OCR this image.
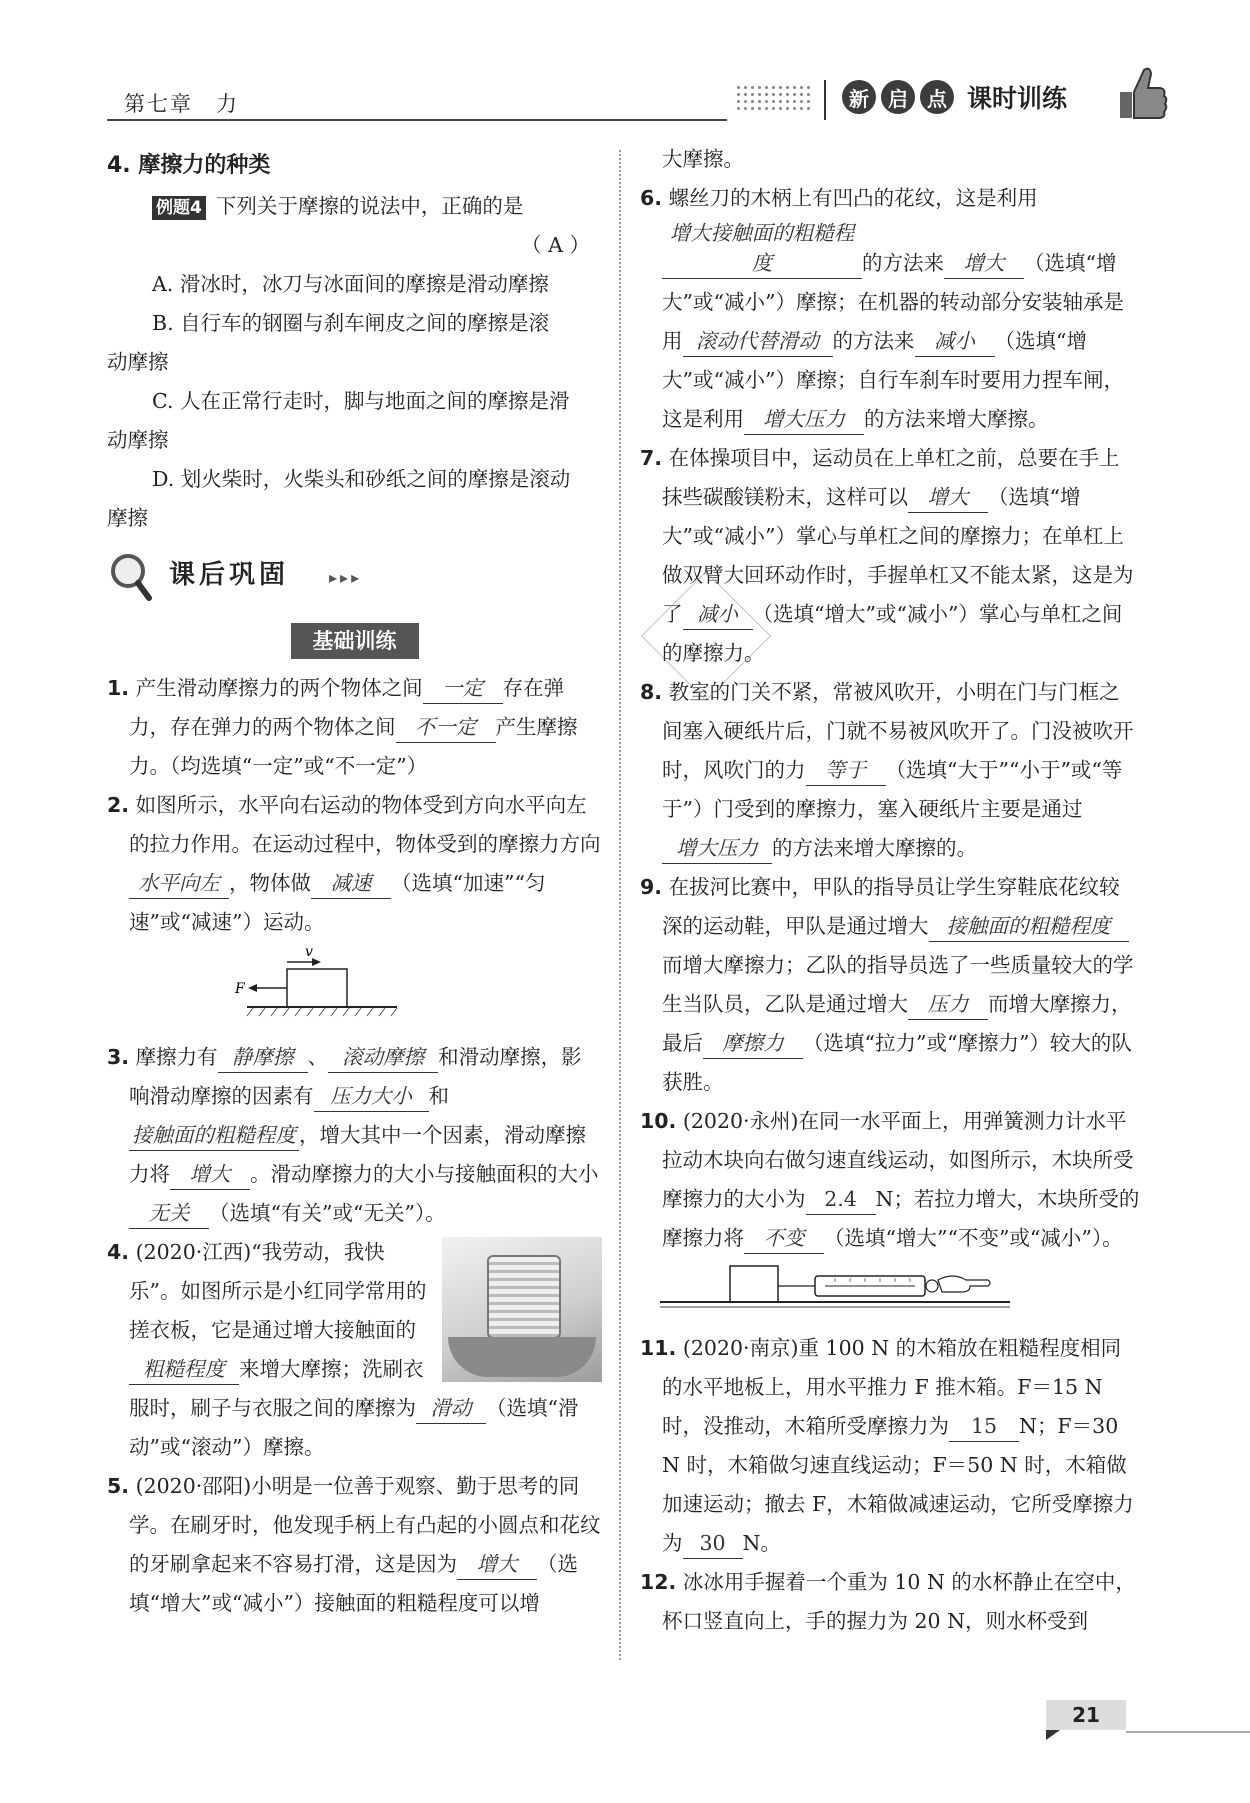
第七章　力	新 启 点 课时训练
4. 摩擦力的种类
例题4 下列关于摩擦的说法中，正确的是
（ A ）
A. 滑冰时，冰刀与冰面间的摩擦是滑动摩擦
B. 自行车的钢圈与刹车闸皮之间的摩擦是滚
动摩擦
C. 人在正常行走时，脚与地面之间的摩擦是滑
动摩擦
D. 划火柴时，火柴头和砂纸之间的摩擦是滚动
摩擦
课后巩固 ▸▸▸
基础训练
1. 产生滑动摩擦力的两个物体之间 一定 存在弹力，存在弹力的两个物体之间 不一定 产生摩擦力。（均选填“一定”或“不一定”）
2. 如图所示，水平向右运动的物体受到方向水平向左的拉力作用。在运动过程中，物体受到的摩擦力方向水平向左 ，物体做 减速 （选填“加速”“匀速”或“减速”）运动。
v
F
3. 摩擦力有 静摩擦 、 滚动摩擦 和滑动摩擦，影响滑动摩擦的因素有 压力大小 和接触面的粗糙程度 ，增大其中一个因素，滑动摩擦力将 增大 。滑动摩擦力的大小与接触面积的大小无关 （选填“有关”或“无关”）。
4. (2020·江西)“我劳动，我快乐”。如图所示是小红同学常用的搓衣板，它是通过增大接触面的粗糙程度 来增大摩擦；洗刷衣服时，刷子与衣服之间的摩擦为 滑动 （选填“滑动”或“滚动”）摩擦。
5. (2020·邵阳)小明是一位善于观察、勤于思考的同学。在刷牙时，他发现手柄上有凸起的小圆点和花纹的牙刷拿起来不容易打滑，这是因为 增大 （选填“增大”或“减小”）接触面的粗糙程度可以增
大摩擦。
6. 螺丝刀的木柄上有凹凸的花纹，这是利用增大接触面的粗糙程度	的方法来 增大 （选填“增大”或“减小”）摩擦；在机器的转动部分安装轴承是用 滚动代替滑动 的方法来 减小 （选填“增大”或“减小”）摩擦；自行车刹车时要用力捏车闸，这是利用 增大压力 的方法来增大摩擦。
7. 在体操项目中，运动员在上单杠之前，总要在手上抹些碳酸镁粉末，这样可以 增大 （选填“增大”或“减小”）掌心与单杠之间的摩擦力；在单杠上做双臂大回环动作时，手握单杠又不能太紧，这是为了 减小 （选填“增大”或“减小”）掌心与单杠之间的摩擦力。
8. 教室的门关不紧，常被风吹开，小明在门与门框之间塞入硬纸片后，门就不易被风吹开了。门没被吹开时，风吹门的力 等于 （选填“大于”“小于”或“等于”）门受到的摩擦力，塞入硬纸片主要是通过增大压力 的方法来增大摩擦的。
9. 在拔河比赛中，甲队的指导员让学生穿鞋底花纹较深的运动鞋，甲队是通过增大 接触面的粗糙程度而增大摩擦力；乙队的指导员选了一些质量较大的学生当队员，乙队是通过增大 压力 而增大摩擦力，最后 摩擦力 （选填“拉力”或“摩擦力”）较大的队获胜。
10. (2020·永州)在同一水平面上，用弹簧测力计水平拉动木块向右做匀速直线运动，如图所示，木块所受摩擦力的大小为 2.4 N；若拉力增大，木块所受的摩擦力将 不变 （选填“增大”“不变”或“减小”）。
11. (2020·南京)重 100 N 的木箱放在粗糙程度相同的水平地板上，用水平推力 F 推木箱。F＝15 N 时，没推动，木箱所受摩擦力为 15 N；F＝30 N 时，木箱做匀速直线运动；F＝50 N 时，木箱做加速运动；撤去 F，木箱做减速运动，它所受摩擦力为 30 N。
12. 冰冰用手握着一个重为 10 N 的水杯静止在空中，杯口竖直向上，手的握力为 20 N，则水杯受到
21
